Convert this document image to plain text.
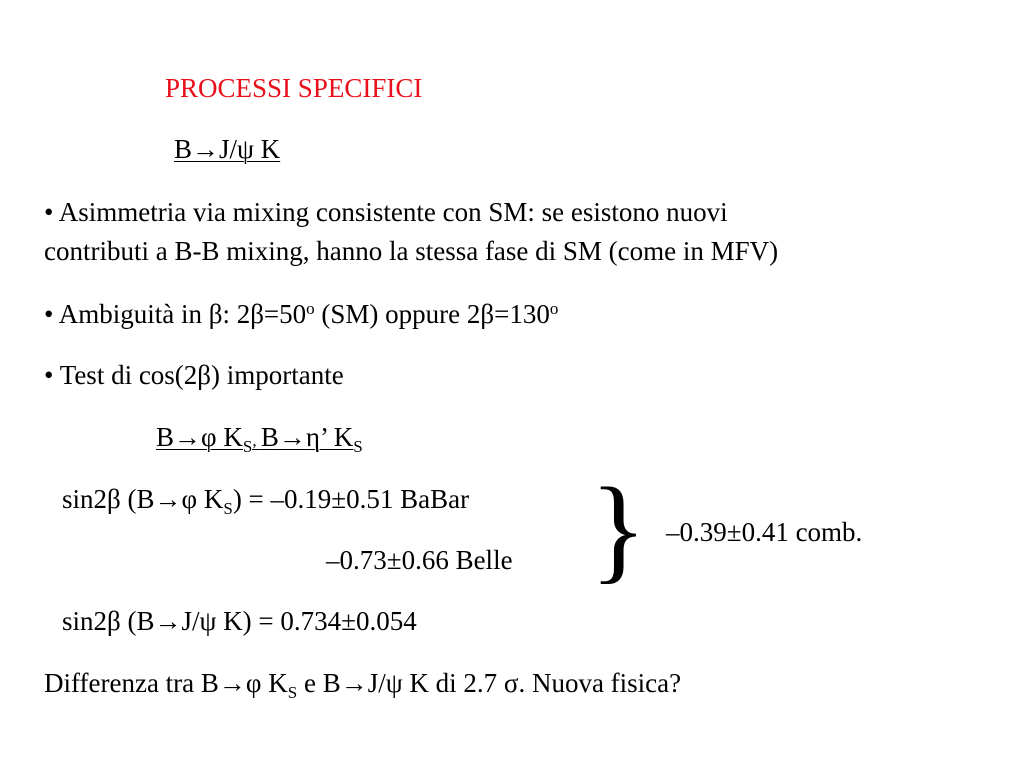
PROCESSI SPECIFICI
B→J/ψ K
• Asimmetria via mixing consistente con SM: se esistono nuovi
contributi a B-B mixing, hanno la stessa fase di SM (come in MFV)
• Ambiguità in β: $2\beta=50^o$ (SM) oppure $2\beta=130^o$
• Test di cos(2β) importante
B→φ $K_S$, B→η’ $K_S$
sin2β (B→φ $K_S) = -0.19\pm 0.51$ BaBar
–0.73±0.66 Belle } –0.39±0.41 comb.
sin2β (B→J/ψ K) = 0.734±0.054
Differenza tra B→φ $K_S$ e B→J/ψ K di 2.7 σ. Nuova fisica?
